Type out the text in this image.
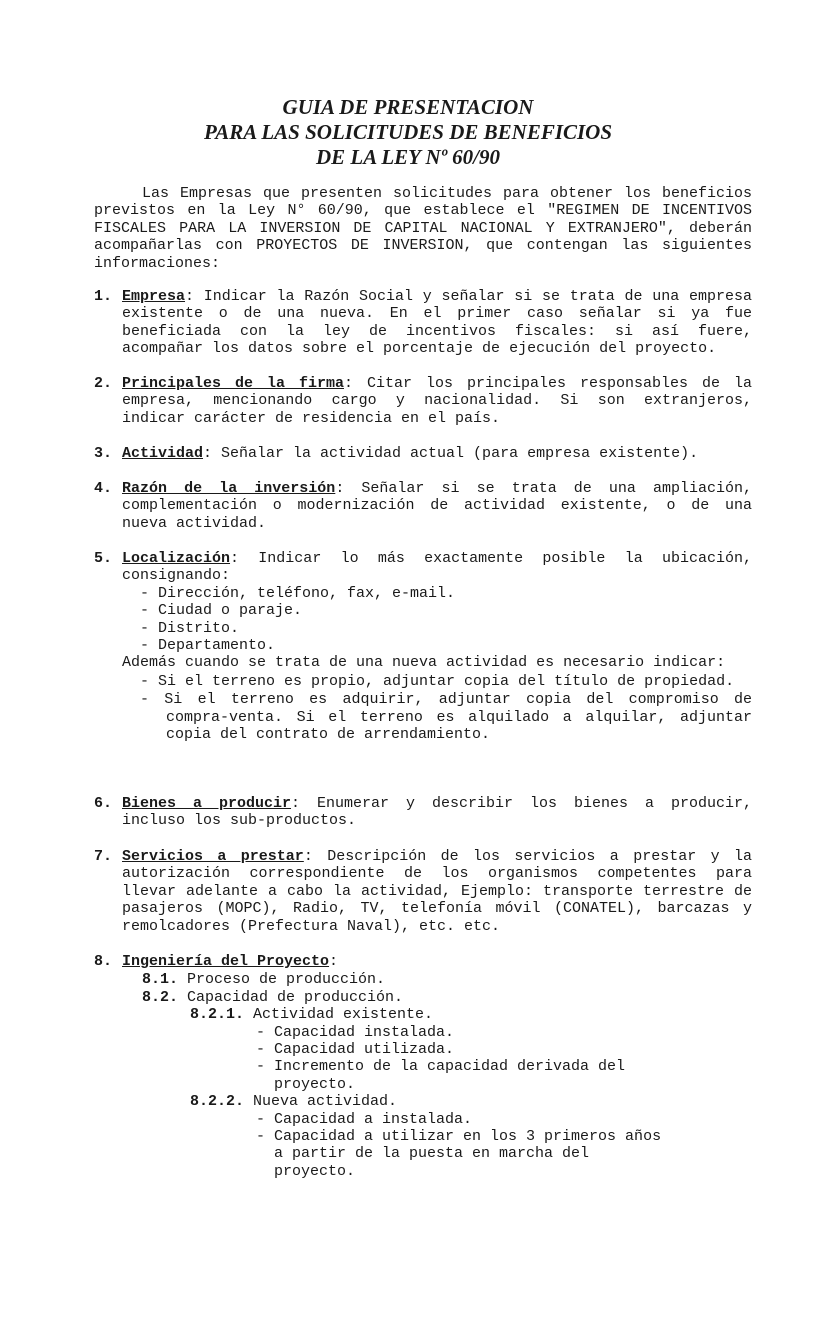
GUIA DE PRESENTACION
PARA LAS SOLICITUDES DE BENEFICIOS
DE LA LEY Nº 60/90
Las Empresas que presenten solicitudes para obtener los beneficios previstos en la Ley N° 60/90, que establece el "REGIMEN DE INCENTIVOS FISCALES PARA LA INVERSION DE CAPITAL NACIONAL Y EXTRANJERO", deberán acompañarlas con PROYECTOS DE INVERSION, que contengan las siguientes informaciones:
1. Empresa: Indicar la Razón Social y señalar si se trata de una empresa existente o de una nueva. En el primer caso señalar si ya fue beneficiada con la ley de incentivos fiscales: si así fuere, acompañar los datos sobre el porcentaje de ejecución del proyecto.
2. Principales de la firma: Citar los principales responsables de la empresa, mencionando cargo y nacionalidad. Si son extranjeros, indicar carácter de residencia en el país.
3. Actividad: Señalar la actividad actual (para empresa existente).
4. Razón de la inversión: Señalar si se trata de una ampliación, complementación o modernización de actividad existente, o de una nueva actividad.
5. Localización: Indicar lo más exactamente posible la ubicación, consignando:
- Dirección, teléfono, fax, e-mail.
- Ciudad o paraje.
- Distrito.
- Departamento.
Además cuando se trata de una nueva actividad es necesario indicar:
- Si el terreno es propio, adjuntar copia del título de propiedad.
- Si el terreno es adquirir, adjuntar copia del compromiso de compra-venta. Si el terreno es alquilado a alquilar, adjuntar copia del contrato de arrendamiento.
6. Bienes a producir: Enumerar y describir los bienes a producir, incluso los sub-productos.
7. Servicios a prestar: Descripción de los servicios a prestar y la autorización correspondiente de los organismos competentes para llevar adelante a cabo la actividad, Ejemplo: transporte terrestre de pasajeros (MOPC), Radio, TV, telefonía móvil (CONATEL), barcazas y remolcadores (Prefectura Naval), etc. etc.
8. Ingeniería del Proyecto:
8.1. Proceso de producción.
8.2. Capacidad de producción.
8.2.1. Actividad existente.
- Capacidad instalada.
- Capacidad utilizada.
- Incremento de la capacidad derivada del proyecto.
8.2.2. Nueva actividad.
- Capacidad a instalada.
- Capacidad a utilizar en los 3 primeros años a partir de la puesta en marcha del proyecto.
